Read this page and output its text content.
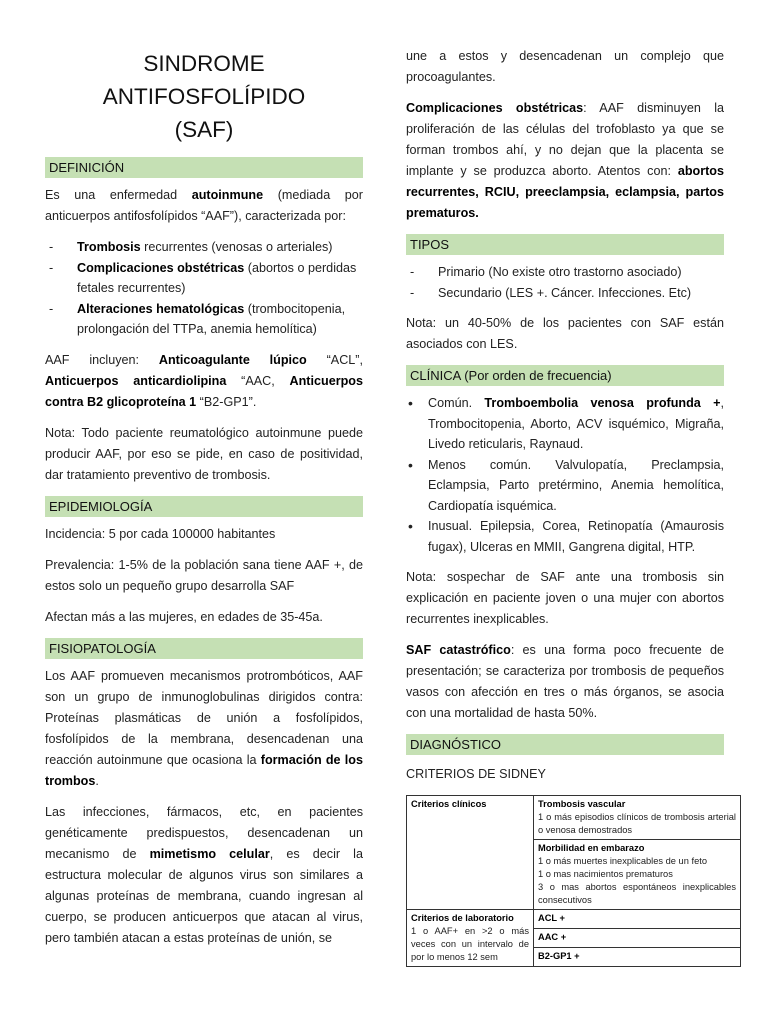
SINDROME ANTIFOSFOLÍPIDO
(SAF)
DEFINICIÓN

Es una enfermedad autoinmune (mediada por anticuerpos antifosfolípidos “AAF”), caracterizada por:

- Trombosis recurrentes (venosas o arteriales)
- Complicaciones obstétricas (abortos o perdidas fetales recurrentes)
- Alteraciones hematológicas (trombocitopenia, prolongación del TTPa, anemia hemolítica)

AAF incluyen: Anticoagulante lúpico “ACL”, Anticuerpos anticardiolipina “AAC, Anticuerpos contra B2 glicoproteína 1 “B2-GP1”.

Nota: Todo paciente reumatológico autoinmune puede producir AAF, por eso se pide, en caso de positividad, dar tratamiento preventivo de trombosis.

EPIDEMIOLOGÍA

Incidencia: 5 por cada 100000 habitantes

Prevalencia: 1-5% de la población sana tiene AAF +, de estos solo un pequeño grupo desarrolla SAF

Afectan más a las mujeres, en edades de 35-45a.

FISIOPATOLOGÍA

Los AAF promueven mecanismos protrombóticos, AAF son un grupo de inmunoglobulinas dirigidos contra: Proteínas plasmáticas de unión a fosfolípidos, fosfolípidos de la membrana, desencadenan una reacción autoinmune que ocasiona la formación de los trombos.

Las infecciones, fármacos, etc, en pacientes genéticamente predispuestos, desencadenan un mecanismo de mimetismo celular, es decir la estructura molecular de algunos virus son similares a algunas proteínas de membrana, cuando ingresan al cuerpo, se producen anticuerpos que atacan al virus, pero también atacan a estas proteínas de unión, se

une a estos y desencadenan un complejo que procoagulantes.

Complicaciones obstétricas: AAF disminuyen la proliferación de las células del trofoblasto ya que se forman trombos ahí, y no dejan que la placenta se implante y se produzca aborto. Atentos con: abortos recurrentes, RCIU, preeclampsia, eclampsia, partos prematuros.

TIPOS
- Primario (No existe otro trastorno asociado)
- Secundario (LES +. Cáncer. Infecciones. Etc)

Nota: un 40-50% de los pacientes con SAF están asociados con LES.

CLÍNICA (Por orden de frecuencia)
• Común. Tromboembolia venosa profunda +, Trombocitopenia, Aborto, ACV isquémico, Migraña, Livedo reticularis, Raynaud.
• Menos común. Valvulopatía, Preclampsia, Eclampsia, Parto pretérmino, Anemia hemolítica, Cardiopatía isquémica.
• Inusual. Epilepsia, Corea, Retinopatía (Amaurosis fugax), Ulceras en MMII, Gangrena digital, HTP.

Nota: sospechar de SAF ante una trombosis sin explicación en paciente joven o una mujer con abortos recurrentes inexplicables.

SAF catastrófico: es una forma poco frecuente de presentación; se caracteriza por trombosis de pequeños vasos con afección en tres o más órganos, se asocia con una mortalidad de hasta 50%.

DIAGNÓSTICO

CRITERIOS DE SIDNEY

Criterios clínicos	Trombosis vascular
1 o más episodios clínicos de trombosis arterial o venosa demostrados

	Morbilidad en embarazo
1 o más muertes inexplicables de un feto
1 o mas nacimientos prematuros
3 o mas abortos espontáneos inexplicables consecutivos

Criterios de laboratorio
1 o AAF+ en >2 o más veces con un intervalo de por lo menos 12 sem	ACL +

	AAC +

	B2-GP1 +
